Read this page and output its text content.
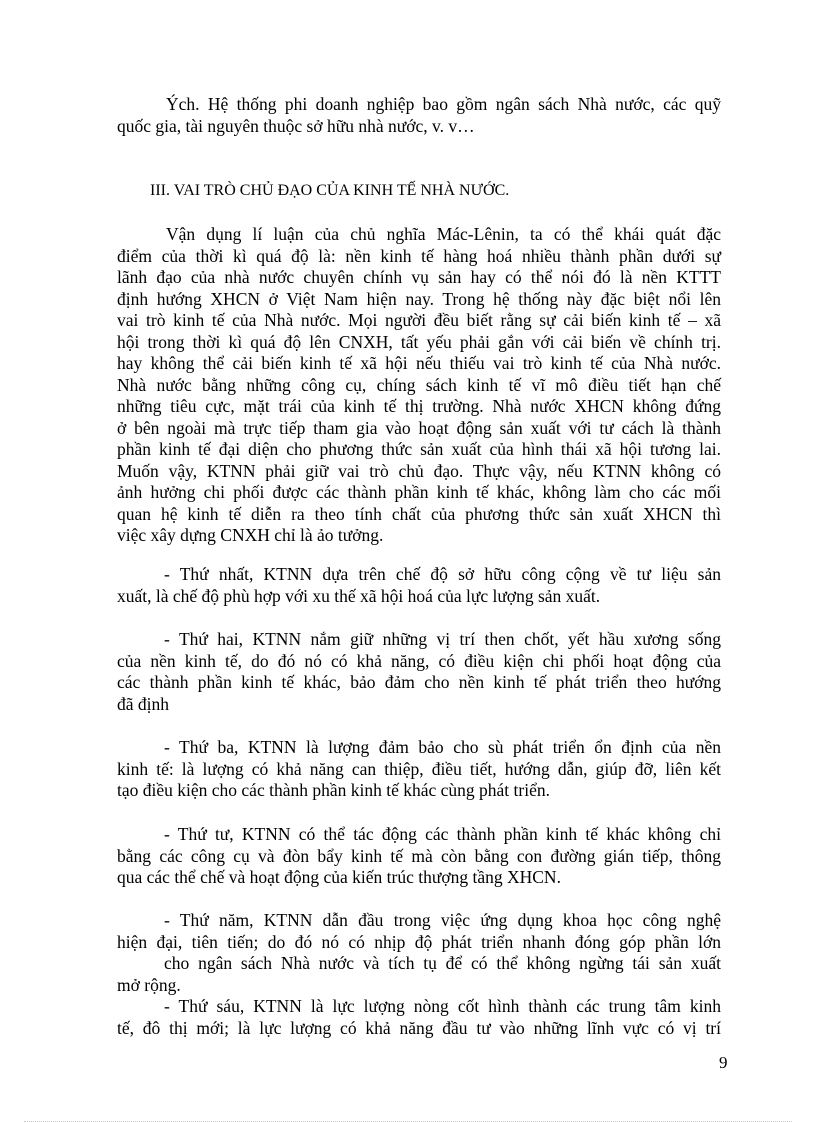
Ých. Hệ thống phi doanh nghiệp bao gồm ngân sách Nhà nước, các quỹ

quốc gia, tài nguyên thuộc sở hữu nhà nước, v. v…

III. VAI TRÒ CHỦ ĐẠO CỦA KINH TẾ NHÀ NƯỚC.

Vận dụng lí luận của chủ nghĩa Mác-Lênin, ta có thể khái quát đặc

điểm của thời kì quá độ là: nền kinh tế hàng hoá nhiều thành phần dưới sự

lãnh đạo của nhà nước chuyên chính vụ sản hay có thể nói đó là nền KTTT

định hướng XHCN ở Việt Nam hiện nay. Trong hệ thống này đặc biệt nổi lên

vai trò kinh tế của Nhà nước. Mọi người đều biết rằng sự cải biến kinh tế – xã

hội trong thời kì quá độ lên CNXH, tất yếu phải gắn với cải biến về chính trị.

hay không thể cải biến kinh tế xã hội nếu thiếu vai trò kinh tế của Nhà nước.

Nhà nước bằng những công cụ, chíng sách kinh tế vĩ mô điều tiết hạn chế

những tiêu cực, mặt trái của kinh tế thị trường. Nhà nước XHCN không đứng

ở bên ngoài mà trực tiếp tham gia vào hoạt động sản xuất với tư cách là thành

phần kinh tế đại diện cho phương thức sản xuất của hình thái xã hội tương lai.

Muốn vậy, KTNN phải giữ vai trò chủ đạo. Thực vậy, nếu KTNN không có

ảnh hưởng chi phối được các thành phần kinh tế khác, không làm cho các mối

quan hệ kinh tế diễn ra theo tính chất của phương thức sản xuất XHCN thì

việc xây dựng CNXH chỉ là ảo tưởng.

- Thứ nhất, KTNN dựa trên chế độ sở hữu công cộng về tư liệu sản

xuất, là chế độ phù hợp với xu thế xã hội hoá của lực lượng sản xuất.

- Thứ hai, KTNN nắm giữ những vị trí then chốt, yết hầu xương sống

của nền kinh tế, do đó nó có khả năng, có điều kiện chi phối hoạt động của

các thành phần kinh tế khác, bảo đảm cho nền kinh tế phát triển theo hướng

đã định

- Thứ ba, KTNN là lượng đảm bảo cho sù phát triển ổn định của nền

kinh tế: là lượng có khả năng can thiệp, điều tiết, hướng dẫn, giúp đỡ, liên kết

tạo điều kiện cho các thành phần kinh tế khác cùng phát triển.

- Thứ tư, KTNN có thể tác động các thành phần kinh tế khác không chỉ

bằng các công cụ và đòn bẩy kinh tế mà còn bằng con đường gián tiếp, thông

qua các thể chế và hoạt động của kiến trúc thượng tầng XHCN.

- Thứ năm, KTNN dẫn đầu trong việc ứng dụng khoa học công nghệ

hiện đại, tiên tiến; do đó nó có nhịp độ phát triển nhanh đóng góp phần lớn

cho ngân sách Nhà nước và tích tụ để có thể không ngừng tái sản xuất

mở rộng.

- Thứ sáu, KTNN là lực lượng nòng cốt hình thành các trung tâm kinh

tế, đô thị mới; là lực lượng có khả năng đầu tư vào những lĩnh vực có vị trí

9
